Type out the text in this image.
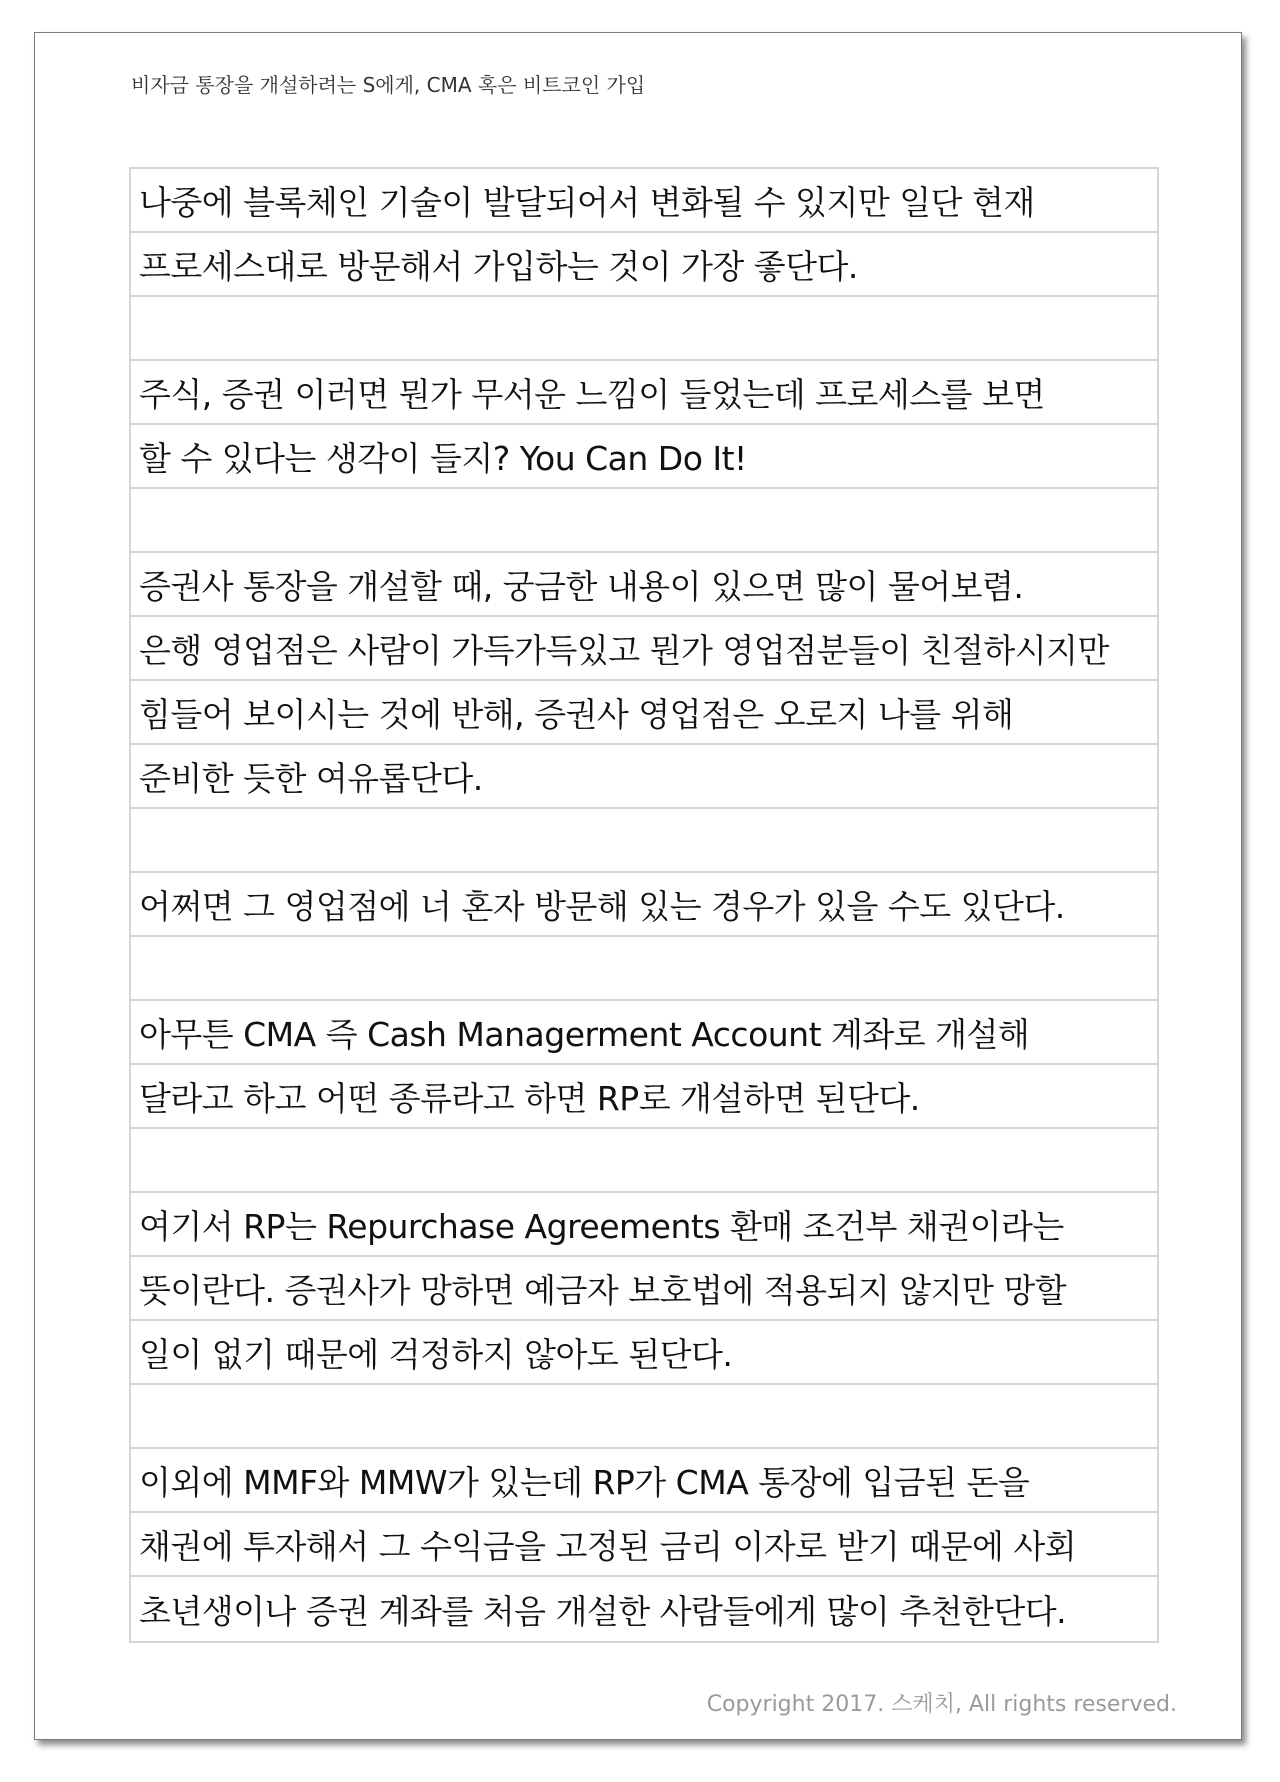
비자금 통장을 개설하려는 S에게, CMA 혹은 비트코인 가입
나중에 블록체인 기술이 발달되어서 변화될 수 있지만 일단 현재
프로세스대로 방문해서 가입하는 것이 가장 좋단다.
주식, 증권 이러면 뭔가 무서운 느낌이 들었는데 프로세스를 보면
할 수 있다는 생각이 들지? You Can Do It!
증권사 통장을 개설할 때, 궁금한 내용이 있으면 많이 물어보렴.
은행 영업점은 사람이 가득가득있고 뭔가 영업점분들이 친절하시지만
힘들어 보이시는 것에 반해, 증권사 영업점은 오로지 나를 위해
준비한 듯한 여유롭단다.
어쩌면 그 영업점에 너 혼자 방문해 있는 경우가 있을 수도 있단다.
아무튼 CMA 즉 Cash Managerment Account 계좌로 개설해
달라고 하고 어떤 종류라고 하면 RP로 개설하면 된단다.
여기서 RP는 Repurchase Agreements 환매 조건부 채권이라는
뜻이란다. 증권사가 망하면 예금자 보호법에 적용되지 않지만 망할
일이 없기 때문에 걱정하지 않아도 된단다.
이외에 MMF와 MMW가 있는데 RP가 CMA 통장에 입금된 돈을
채권에 투자해서 그 수익금을 고정된 금리 이자로 받기 때문에 사회
초년생이나 증권 계좌를 처음 개설한 사람들에게 많이 추천한단다.
Copyright 2017. 스케치, All rights reserved.
